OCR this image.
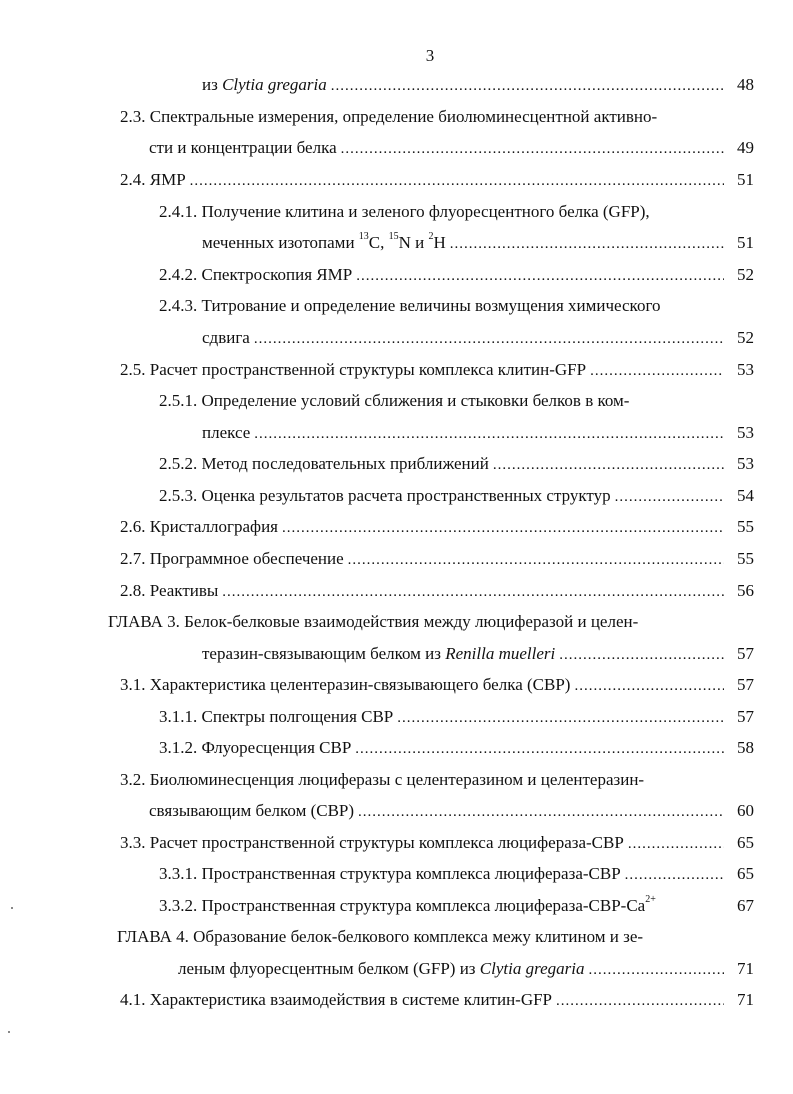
3
из Clytia gregaria .....	48
2.3. Спектральные измерения, определение биолюминесцентной активно-
сти и концентрации белка .....	49
2.4. ЯМР .....	51
2.4.1. Получение клитина и зеленого флуоресцентного белка (GFP),
меченных изотопами $^{13}$C, $^{15}$N и $^2$H .....	51
2.4.2. Спектроскопия ЯМР .....	52
2.4.3. Титрование и определение величины возмущения химического
сдвига .....	52
2.5. Расчет пространственной структуры комплекса клитин-GFP .....	53
2.5.1. Определение условий сближения и стыковки белков в ком-
плексе .....	53
2.5.2. Метод последовательных приближений .....	53
2.5.3. Оценка результатов расчета пространственных структур .....	54
2.6. Кристаллография .....	55
2.7. Программное обеспечение .....	55
2.8. Реактивы .....	56
ГЛАВА 3. Белок-белковые взаимодействия между люциферазой и целен-
теразин-связывающим белком из Renilla muelleri .....	57
3.1. Характеристика целентеразин-связывающего белка (CBP) .....	57
3.1.1. Спектры полгощения CBP .....	57
3.1.2. Флуоресценция CBP .....	58
3.2. Биолюминесценция люциферазы с целентеразином и целентеразин-
связывающим белком (CBP) .....	60
3.3. Расчет пространственной структуры комплекса люцифераза-CBP .....	65
3.3.1. Пространственная структура комплекса люцифераза-CBP .....	65
3.3.2. Пространственная структура комплекса люцифераза-$CBP-Ca^{2+}$	67
ГЛАВА 4. Образование белок-белкового комплекса межу клитином и зе-
леным флуоресцентным белком (GFP) из Clytia gregaria .....	71
4.1. Характеристика взаимодействия в системе клитин-GFP .....	71
